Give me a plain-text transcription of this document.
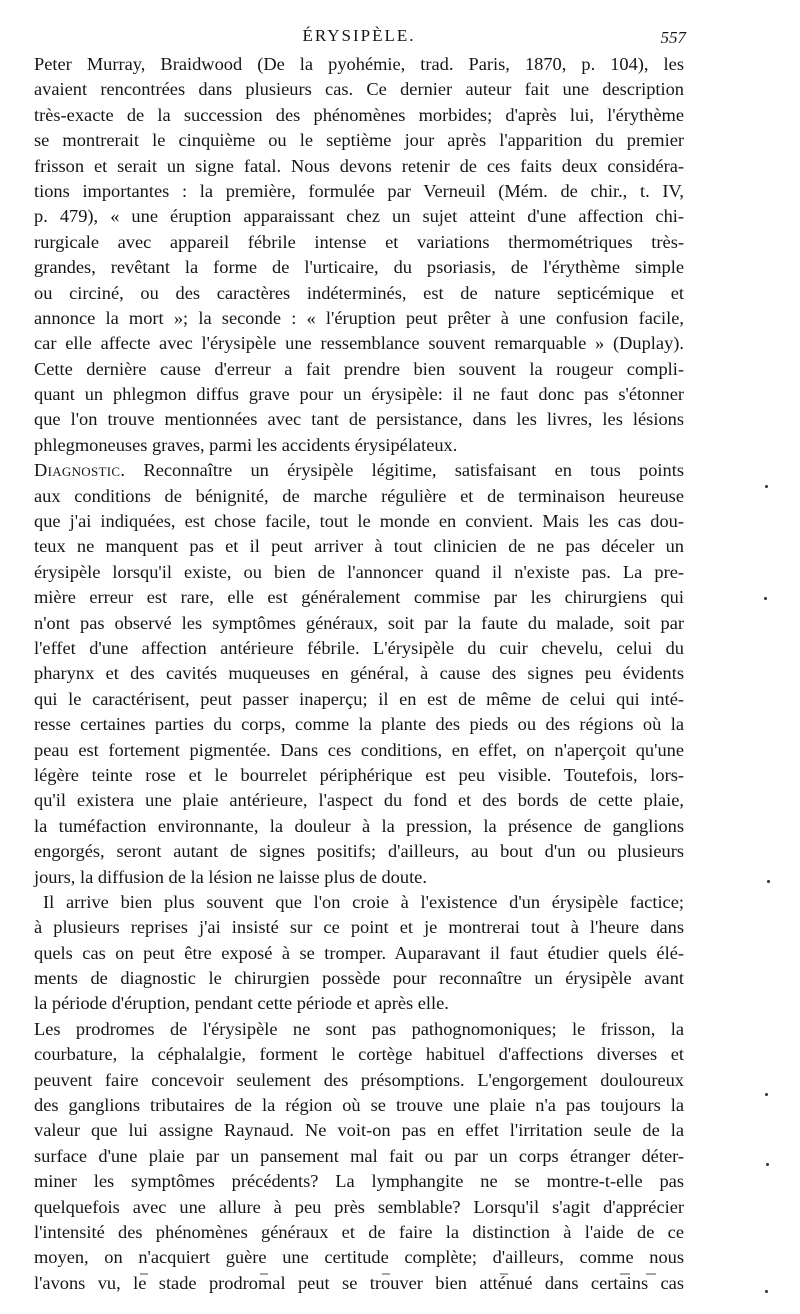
ÉRYSIPÈLE.	557
Peter Murray, Braidwood (De la pyohémie, trad. Paris, 1870, p. 104), les
avaient rencontrées dans plusieurs cas. Ce dernier auteur fait une description
très-exacte de la succession des phénomènes morbides; d'après lui, l'érythème
se montrerait le cinquième ou le septième jour après l'apparition du premier
frisson et serait un signe fatal. Nous devons retenir de ces faits deux considéra-
tions importantes : la première, formulée par Verneuil (Mém. de chir., t. IV,
p. 479), « une éruption apparaissant chez un sujet atteint d'une affection chi-
rurgicale avec appareil fébrile intense et variations thermométriques très-
grandes, revêtant la forme de l'urticaire, du psoriasis, de l'érythème simple
ou circiné, ou des caractères indéterminés, est de nature septicémique et
annonce la mort »; la seconde : « l'éruption peut prêter à une confusion facile,
car elle affecte avec l'érysipèle une ressemblance souvent remarquable » (Duplay).
Cette dernière cause d'erreur a fait prendre bien souvent la rougeur compli-
quant un phlegmon diffus grave pour un érysipèle: il ne faut donc pas s'étonner
que l'on trouve mentionnées avec tant de persistance, dans les livres, les lésions
phlegmoneuses graves, parmi les accidents érysipélateux.
Diagnostic. Reconnaître un érysipèle légitime, satisfaisant en tous points
aux conditions de bénignité, de marche régulière et de terminaison heureuse
que j'ai indiquées, est chose facile, tout le monde en convient. Mais les cas dou-
teux ne manquent pas et il peut arriver à tout clinicien de ne pas déceler un
érysipèle lorsqu'il existe, ou bien de l'annoncer quand il n'existe pas. La pre-
mière erreur est rare, elle est généralement commise par les chirurgiens qui
n'ont pas observé les symptômes généraux, soit par la faute du malade, soit par
l'effet d'une affection antérieure fébrile. L'érysipèle du cuir chevelu, celui du
pharynx et des cavités muqueuses en général, à cause des signes peu évidents
qui le caractérisent, peut passer inaperçu; il en est de même de celui qui inté-
resse certaines parties du corps, comme la plante des pieds ou des régions où la
peau est fortement pigmentée. Dans ces conditions, en effet, on n'aperçoit qu'une
légère teinte rose et le bourrelet périphérique est peu visible. Toutefois, lors-
qu'il existera une plaie antérieure, l'aspect du fond et des bords de cette plaie,
la tuméfaction environnante, la douleur à la pression, la présence de ganglions
engorgés, seront autant de signes positifs; d'ailleurs, au bout d'un ou plusieurs
jours, la diffusion de la lésion ne laisse plus de doute.
Il arrive bien plus souvent que l'on croie à l'existence d'un érysipèle factice;
à plusieurs reprises j'ai insisté sur ce point et je montrerai tout à l'heure dans
quels cas on peut être exposé à se tromper. Auparavant il faut étudier quels élé-
ments de diagnostic le chirurgien possède pour reconnaître un érysipèle avant
la période d'éruption, pendant cette période et après elle.
Les prodromes de l'érysipèle ne sont pas pathognomoniques; le frisson, la
courbature, la céphalalgie, forment le cortège habituel d'affections diverses et
peuvent faire concevoir seulement des présomptions. L'engorgement douloureux
des ganglions tributaires de la région où se trouve une plaie n'a pas toujours la
valeur que lui assigne Raynaud. Ne voit-on pas en effet l'irritation seule de la
surface d'une plaie par un pansement mal fait ou par un corps étranger déter-
miner les symptômes précédents? La lymphangite ne se montre-t-elle pas
quelquefois avec une allure à peu près semblable? Lorsqu'il s'agit d'apprécier
l'intensité des phénomènes généraux et de faire la distinction à l'aide de ce
moyen, on n'acquiert guère une certitude complète; d'ailleurs, comme nous
l'avons vu, le stade prodromal peut se trouver bien atténué dans certains cas
